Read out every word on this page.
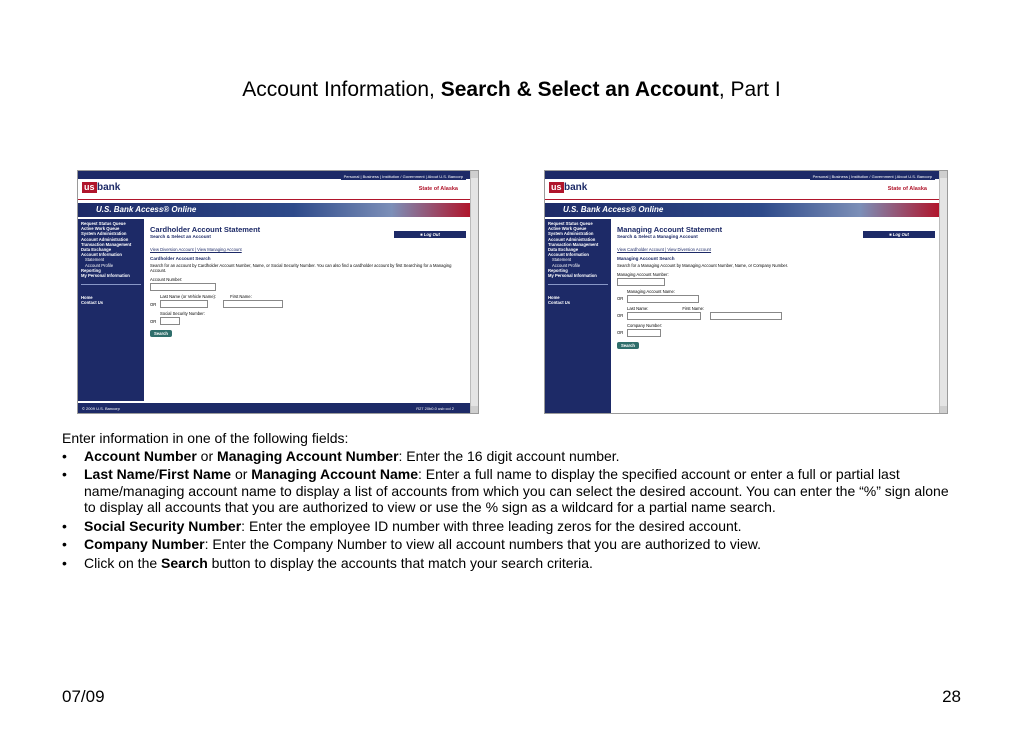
Account Information, Search & Select an Account, Part I
Personal | Business | Institution / Government | About U.S. Bancorp
us bank	State of Alaska
U.S. Bank Access® Online
Request Status Queue
Active Work Queue
System Administration
Account Administration
Transaction Management
Data Exchange
Account Information
Statement
Account Profile
Reporting
My Personal Information
Home
Contact Us
■ Log Out
Cardholder Account Statement
Search & Select an Account
View Diversion Account | View Managing Account
Cardholder Account Search

Search for an account by Cardholder Account Number, Name, or Social Security Number. You can also find a cardholder account by first Searching for a Managing Account.

Account Number:
Last Name (or Vehicle Name):	First Name:
OR
Social Security Number:
OR
Search
© 2009 U.S. Bancorp	R27 20b0.0 usb col 2
Personal | Business | Institution / Government | About U.S. Bancorp
us bank	State of Alaska
U.S. Bank Access® Online
Request Status Queue
Active Work Queue
System Administration
Account Administration
Transaction Management
Data Exchange
Account Information
Statement
Account Profile
Reporting
My Personal Information
Home
Contact Us
■ Log Out
Managing Account Statement
Search & Select a Managing Account
View Cardholder Account | View Diversion Account
Managing Account Search

Search for a Managing Account by Managing Account Number, Name, or Company Number.

Managing Account Number:
Managing Account Name:
OR
Last Name:	First Name:
OR
Company Number:
OR
Search

Enter information in one of the following fields:

• Account Number or Managing Account Number: Enter the 16 digit account number.
• Last Name/First Name or Managing Account Name: Enter a full name to display the specified account or enter a full or partial last name/managing account name to display a list of accounts from which you can select the desired account. You can enter the “%” sign alone to display all accounts that you are authorized to view or use the % sign as a wildcard for a partial name search.
• Social Security Number: Enter the employee ID number with three leading zeros for the desired account.
• Company Number: Enter the Company Number to view all account numbers that you are authorized to view.
• Click on the Search button to display the accounts that match your search criteria.
07/09	28
